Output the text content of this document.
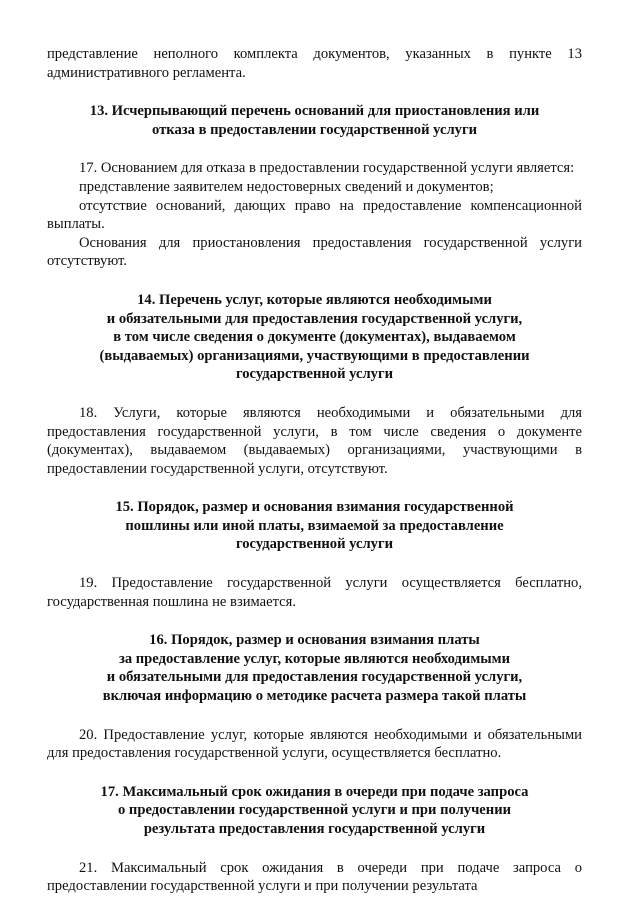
представление неполного комплекта документов, указанных в пункте 13 административного регламента.

13. Исчерпывающий перечень оснований для приостановления или
отказа в предоставлении государственной услуги

17. Основанием для отказа в предоставлении государственной услуги является:

представление заявителем недостоверных сведений и документов;

отсутствие оснований, дающих право на предоставление компенсационной выплаты.

Основания для приостановления предоставления государственной услуги отсутствуют.

14. Перечень услуг, которые являются необходимыми
и обязательными для предоставления государственной услуги,
в том числе сведения о документе (документах), выдаваемом
(выдаваемых) организациями, участвующими в предоставлении
государственной услуги

18. Услуги, которые являются необходимыми и обязательными для предоставления государственной услуги, в том числе сведения о документе (документах), выдаваемом (выдаваемых) организациями, участвующими в предоставлении государственной услуги, отсутствуют.

15. Порядок, размер и основания взимания государственной
пошлины или иной платы, взимаемой за предоставление
государственной услуги

19. Предоставление государственной услуги осуществляется бесплатно, государственная пошлина не взимается.

16. Порядок, размер и основания взимания платы
за предоставление услуг, которые являются необходимыми
и обязательными для предоставления государственной услуги,
включая информацию о методике расчета размера такой платы

20. Предоставление услуг, которые являются необходимыми и обязательными для предоставления государственной услуги, осуществляется бесплатно.

17. Максимальный срок ожидания в очереди при подаче запроса
о предоставлении государственной услуги и при получении
результата предоставления государственной услуги

21. Максимальный срок ожидания в очереди при подаче запроса о предоставлении государственной услуги и при получении результата
